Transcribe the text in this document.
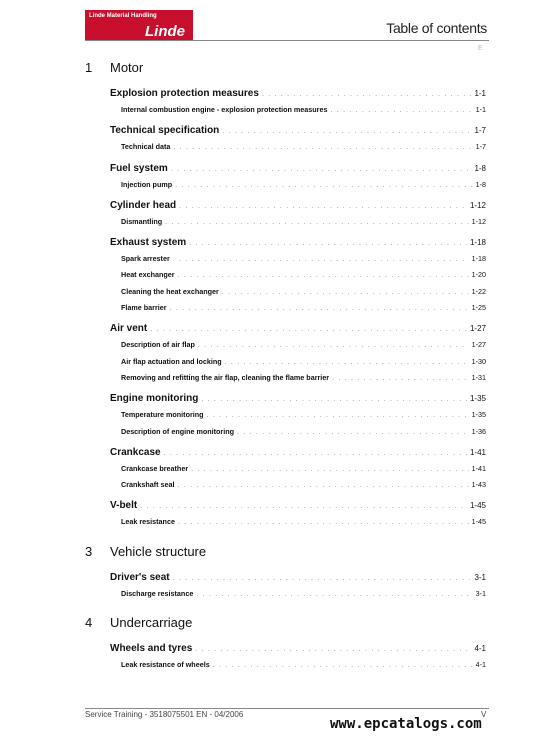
Linde Material Handling
Linde	Table of contents
E
1	Motor
Explosion protection measures . . .	1-1
Internal combustion engine - explosion protection measures . . .	1-1
Technical specification . . .	1-7
Technical data . . .	1-7
Fuel system . . .	1-8
Injection pump . . .	1-8
Cylinder head . . .	1-12
Dismantling . . .	1-12
Exhaust system . . .	1-18
Spark arrester . . .	1-18
Heat exchanger . . .	1-20
Cleaning the heat exchanger . . .	1-22
Flame barrier . . .	1-25
Air vent . . .	1-27
Description of air flap . . .	1-27
Air flap actuation and locking . . .	1-30
Removing and refitting the air flap, cleaning the flame barrier . . .	1-31
Engine monitoring . . .	1-35
Temperature monitoring . . .	1-35
Description of engine monitoring . . .	1-36
Crankcase . . .	1-41
Crankcase breather . . .	1-41
Crankshaft seal . . .	1-43
V-belt . . .	1-45
Leak resistance . . .	1-45
3	Vehicle structure
Driver's seat . . .	3-1
Discharge resistance . . .	3-1
4	Undercarriage
Wheels and tyres . . .	4-1
Leak resistance of wheels . . .	4-1
Service Training - 3518075501 EN - 04/2006	V
www.epcatalogs.com
